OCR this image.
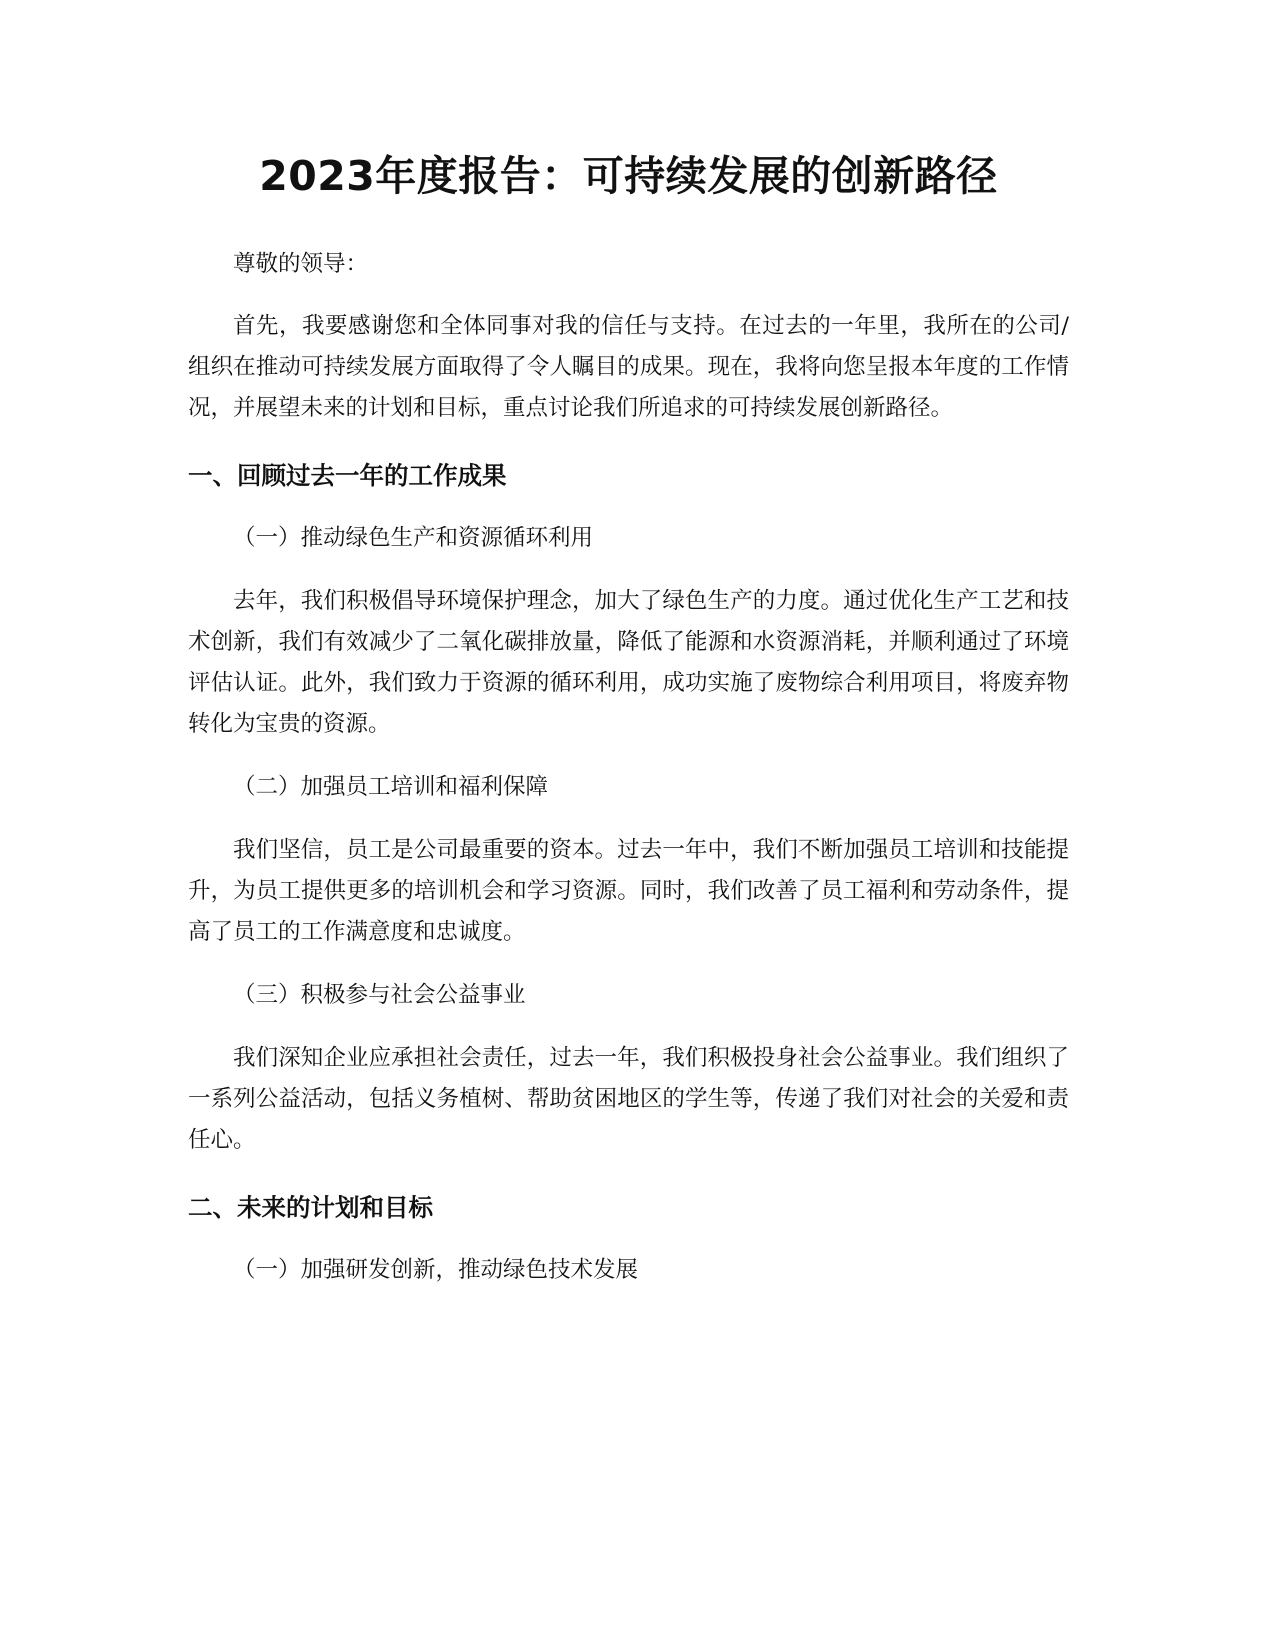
2023年度报告：可持续发展的创新路径

尊敬的领导：

首先，我要感谢您和全体同事对我的信任与支持。在过去的一年里，我所在的公司/组织在推动可持续发展方面取得了令人瞩目的成果。现在，我将向您呈报本年度的工作情况，并展望未来的计划和目标，重点讨论我们所追求的可持续发展创新路径。

一、回顾过去一年的工作成果

（一）推动绿色生产和资源循环利用

去年，我们积极倡导环境保护理念，加大了绿色生产的力度。通过优化生产工艺和技术创新，我们有效减少了二氧化碳排放量，降低了能源和水资源消耗，并顺利通过了环境评估认证。此外，我们致力于资源的循环利用，成功实施了废物综合利用项目，将废弃物转化为宝贵的资源。

（二）加强员工培训和福利保障

我们坚信，员工是公司最重要的资本。过去一年中，我们不断加强员工培训和技能提升，为员工提供更多的培训机会和学习资源。同时，我们改善了员工福利和劳动条件，提高了员工的工作满意度和忠诚度。

（三）积极参与社会公益事业

我们深知企业应承担社会责任，过去一年，我们积极投身社会公益事业。我们组织了一系列公益活动，包括义务植树、帮助贫困地区的学生等，传递了我们对社会的关爱和责任心。

二、未来的计划和目标

（一）加强研发创新，推动绿色技术发展
